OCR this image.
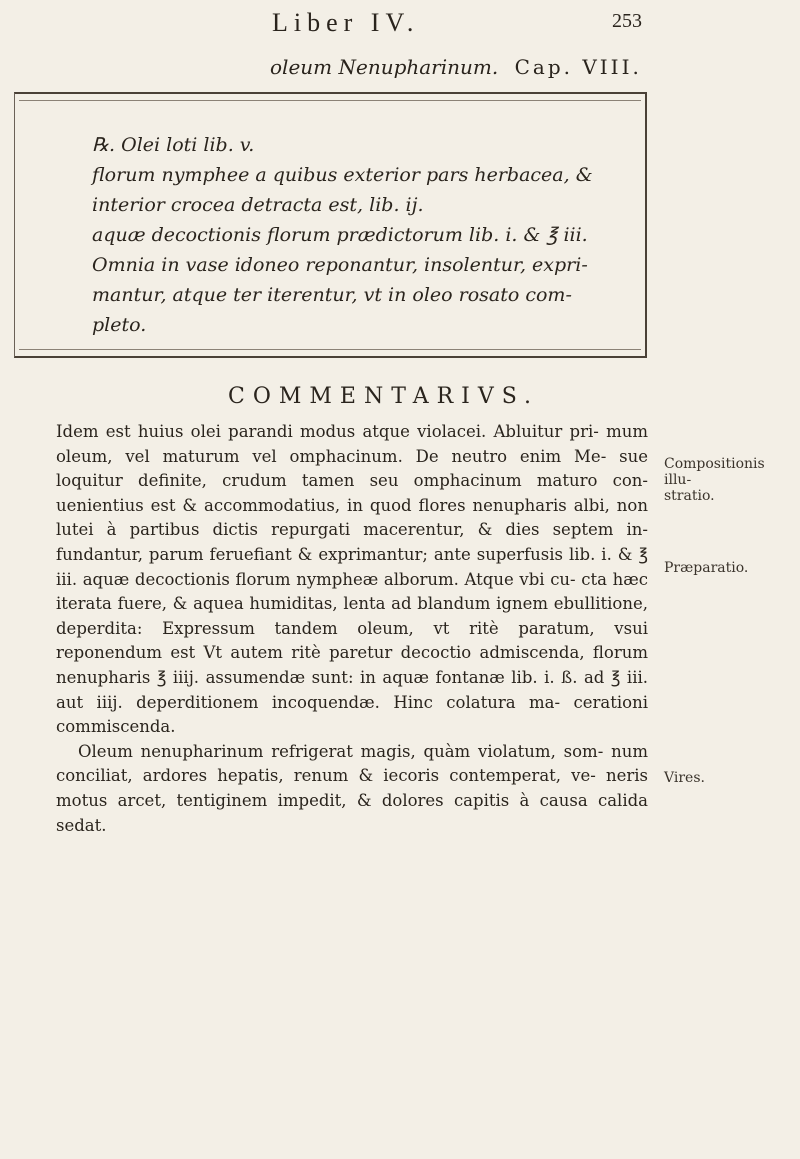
Liber IV.	253
oleum Nenupharinum. Cap. VIII.

℞. Olei loti lib. v.

florum nymphee a quibus exterior pars herbacea, &

interior crocea detracta est, lib. ij.

aquæ decoctionis florum prædictorum lib. i. & ℥ iii.

Omnia in vase idoneo reponantur, insolentur, expri-

mantur, atque ter iterentur, vt in oleo rosato com-

pleto.

COMMENTARIVS.

Idem est huius olei parandi modus atque violacei. Abluitur pri- mum oleum, vel maturum vel omphacinum. De neutro enim Me- sue loquitur definite, crudum tamen seu omphacinum maturo con- uenientius est & accommodatius, in quod flores nenupharis albi, non lutei à partibus dictis repurgati macerentur, & dies septem in- fundantur, parum feruefiant & exprimantur; ante superfusis lib. i. & ℥ iii. aquæ decoctionis florum nympheæ alborum. Atque vbi cu- cta hæc iterata fuere, & aquea humiditas, lenta ad blandum ignem ebullitione, deperdita: Expressum tandem oleum, vt ritè paratum, vsui reponendum est Vt autem ritè paretur decoctio admiscenda, florum nenupharis ℥ iiij. assumendæ sunt: in aquæ fontanæ lib. i. ß. ad ℥ iii. aut iiij. deperditionem incoquendæ. Hinc colatura ma- cerationi commiscenda.

Oleum nenupharinum refrigerat magis, quàm violatum, som- num conciliat, ardores hepatis, renum & iecoris contemperat, ve- neris motus arcet, tentiginem impedit, & dolores capitis à causa calida sedat.

Compositionis illu- stratio.
Præparatio.
Vires.
